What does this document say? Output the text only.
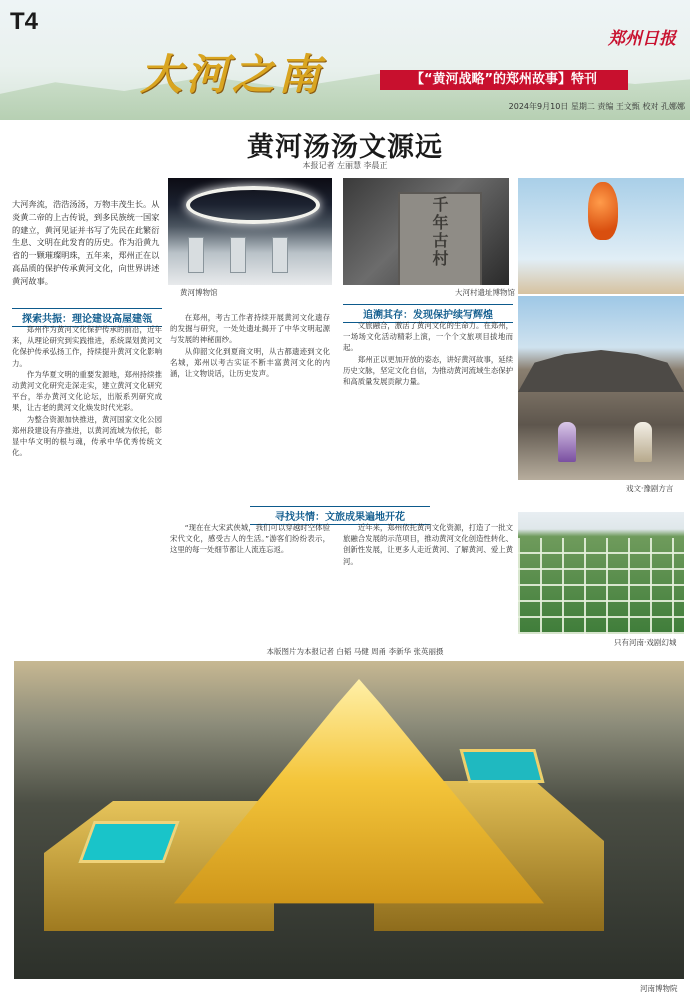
T4
大河之南	【“黄河战略”的郑州故事】特刊
郑州日报
2024年9月10日 星期二 责编 王文甄 校对 孔娜娜
黄河汤汤文源远
本报记者 左丽慧 李晨正
黄河博物馆
千年古村
大河村遗址博物馆
戏文·豫剧方言
只有河南·戏剧幻城
大河奔流，浩浩汤汤，万物丰茂生长。从炎黄二帝的上古传说，到多民族统一国家的建立，黄河见证并书写了先民在此繁衍生息、文明在此发育的历史。作为沿黄九省的一颗璀璨明珠，五年来，郑州正在以高品质的保护传承黄河文化，向世界讲述黄河故事。
探索共振：理论建设高屋建瓴

郑州作为黄河文化保护传承的前沿，近年来，从理论研究到实践推进，系统谋划黄河文化保护传承弘扬工作，持续提升黄河文化影响力。

作为华夏文明的重要发源地，郑州持续推动黄河文化研究走深走实，建立黄河文化研究平台，举办黄河文化论坛，出版系列研究成果，让古老的黄河文化焕发时代光彩。

为整合资源加快推进，黄河国家文化公园郑州段建设有序推进，以黄河流域为依托，彰显中华文明的根与魂，传承中华优秀传统文化。

在郑州，考古工作者持续开展黄河文化遗存的发掘与研究，一处处遗址揭开了中华文明起源与发展的神秘面纱。

从仰韶文化到夏商文明，从古都遗迹到文化名城，郑州以考古实证不断丰富黄河文化的内涵，让文物说话，让历史发声。

追溯其存：发现保护续写辉煌

文旅融合，激活了黄河文化的生命力。在郑州，一场场文化活动精彩上演，一个个文旅项目拔地而起。

郑州正以更加开放的姿态，讲好黄河故事，延续历史文脉，坚定文化自信，为推动黄河流域生态保护和高质量发展贡献力量。

寻找共情：文旅成果遍地开花

“现在在大宋武侠城，我们可以穿越时空体验宋代文化，感受古人的生活。”游客们纷纷表示，这里的每一处细节都让人流连忘返。

近年来，郑州依托黄河文化资源，打造了一批文旅融合发展的示范项目，推动黄河文化创造性转化、创新性发展，让更多人走近黄河、了解黄河、爱上黄河。

本版图片为本报记者 白韬 马健 周甬 李新华 张英丽摄
河南博物院
